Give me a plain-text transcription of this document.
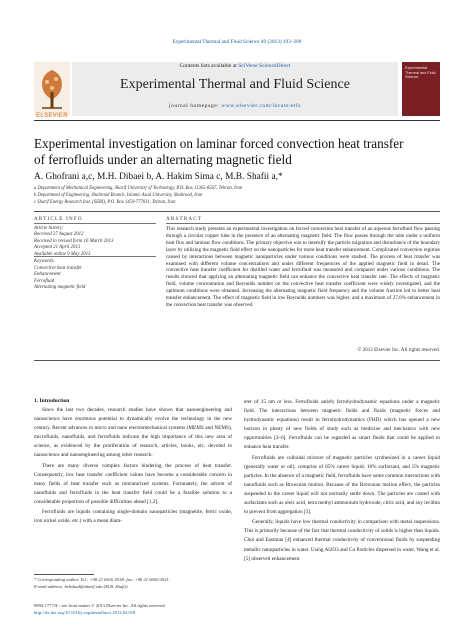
Experimental Thermal and Fluid Science 49 (2013) 193–200
ELSEVIER
Contents lists available at SciVerse ScienceDirect
Experimental Thermal and Fluid Science
journal homepage: www.elsevier.com/locate/etfs
Experimental Thermal and Fluid Science
Experimental investigation on laminar forced convection heat transfer
of ferrofluids under an alternating magnetic field
A. Ghofrani a,c, M.H. Dibaei b, A. Hakim Sima c, M.B. Shafii a,*
a Department of Mechanical Engineering, Sharif University of Technology, P.O. Box 11365-8567, Tehran, Iran
b Department of Engineering, Shahrood Branch, Islamic Azad University, Shahrood, Iran
c Sharif Energy Research Inst. (SERI), P.O. Box 1459-777611, Tehran, Iran
ARTICLE INFO
Article history:
Received 27 August 2012
Received in revised form 16 March 2013
Accepted 21 April 2013
Available online 9 May 2013
Keywords:
Convective heat transfer
Enhancement
Ferrofluid
Alternating magnetic field
ABSTRACT
This research study presents an experimental investigation on forced convection heat transfer of an aqueous ferrofluid flow passing through a circular copper tube in the presence of an alternating magnetic field. The flow passes through the tube under a uniform heat flux and laminar flow conditions. The primary objective was to intensify the particle migration and disturbance of the boundary layer by utilizing the magnetic field effect on the nanoparticles for more heat transfer enhancement. Complicated convection regimes caused by interactions between magnetic nanoparticles under various conditions were studied. The process of heat transfer was examined with different volume concentrations and under different frequencies of the applied magnetic field in detail. The convective heat transfer coefficient for distilled water and ferrofluid was measured and compared under various conditions. The results showed that applying an alternating magnetic field can enhance the convective heat transfer rate. The effects of magnetic field, volume concentration and Reynolds number on the convective heat transfer coefficient were widely investigated, and the optimum conditions were obtained. Increasing the alternating magnetic field frequency and the volume fraction led to better heat transfer enhancement. The effect of magnetic field in low Reynolds numbers was higher, and a maximum of 27.6% enhancement in the convection heat transfer was observed.
© 2013 Elsevier Inc. All rights reserved.
1. Introduction

Since the last two decades, research studies have shown that nanoengineering and nanoscience have enormous potential to dynamically evolve the technology in the new century. Recent advances in micro and nano electromechanical systems (MEMS and NEMS), microfluids, nanofluids, and ferrofluids indicate the high importance of this new area of science, as evidenced by the proliferation of research, articles, books, etc. devoted to nanoscience and nanoengineering among other research.

There are many diverse complex factors hindering the process of heat transfer. Consequently, low heat transfer coefficient values have become a considerable concern in many fields of heat transfer such as miniaturized systems. Fortunately, the advent of nanofluids and ferrofluids in the heat transfer field could be a feasible solution to a considerable proportion of possible difficulties ahead [1,2].

Ferrofluids are liquids containing single-domain nanoparticles (magnetite, ferric oxide, iron nickel oxide, etc.) with a mean diam-

eter of 15 nm or less. Ferrofluids satisfy ferrohydrodynamic equations under a magnetic field. The interactions between magnetic fields and fluids (magnetic forces and hydrodynamic equations) result in ferrohydrodynamics (FHD) which has opened a new horizon in plenty of new fields of study such as medicine and mechanics with new opportunities [3–6]. Ferrofluids can be regarded as smart fluids that could be applied to enhance heat transfer.

Ferrofluids are colloidal mixture of magnetic particles synthesized in a career liquid (generally water or oil), comprise of 85% career liquid, 10% surfactant, and 5% magnetic particles. In the absence of a magnetic field, ferrofluids have some common interactions with nanofluids such as Brownian motion. Because of the Brownian motion effect, the particles suspended in the career liquid will not normally settle down. The particles are coated with surfactants such as oleic acid, tetra methyl ammonium hydroxide, citric acid, and soy lecithin to prevent from aggregation [3].

Generally, liquids have low thermal conductivity in comparison with metal suspensions. This is primarily because of the fact that thermal conductivity of solids is higher than liquids. Choi and Eastman [4] enhanced thermal conductivity of conventional fluids by suspending metallic nanoparticles in water. Using Al2O3 and Cu Particles dispersed in water, Wang et al. [5] observed enhancement

* Corresponding author. Tel.: +98 21 6616 5538; fax: +98 21 6600 0021.
E-mail address: behshad@sharif.edu (M.B. Shafii).
0894-1777/$ - see front matter © 2013 Elsevier Inc. All rights reserved.
http://dx.doi.org/10.1016/j.expthermflusci.2013.04.018
